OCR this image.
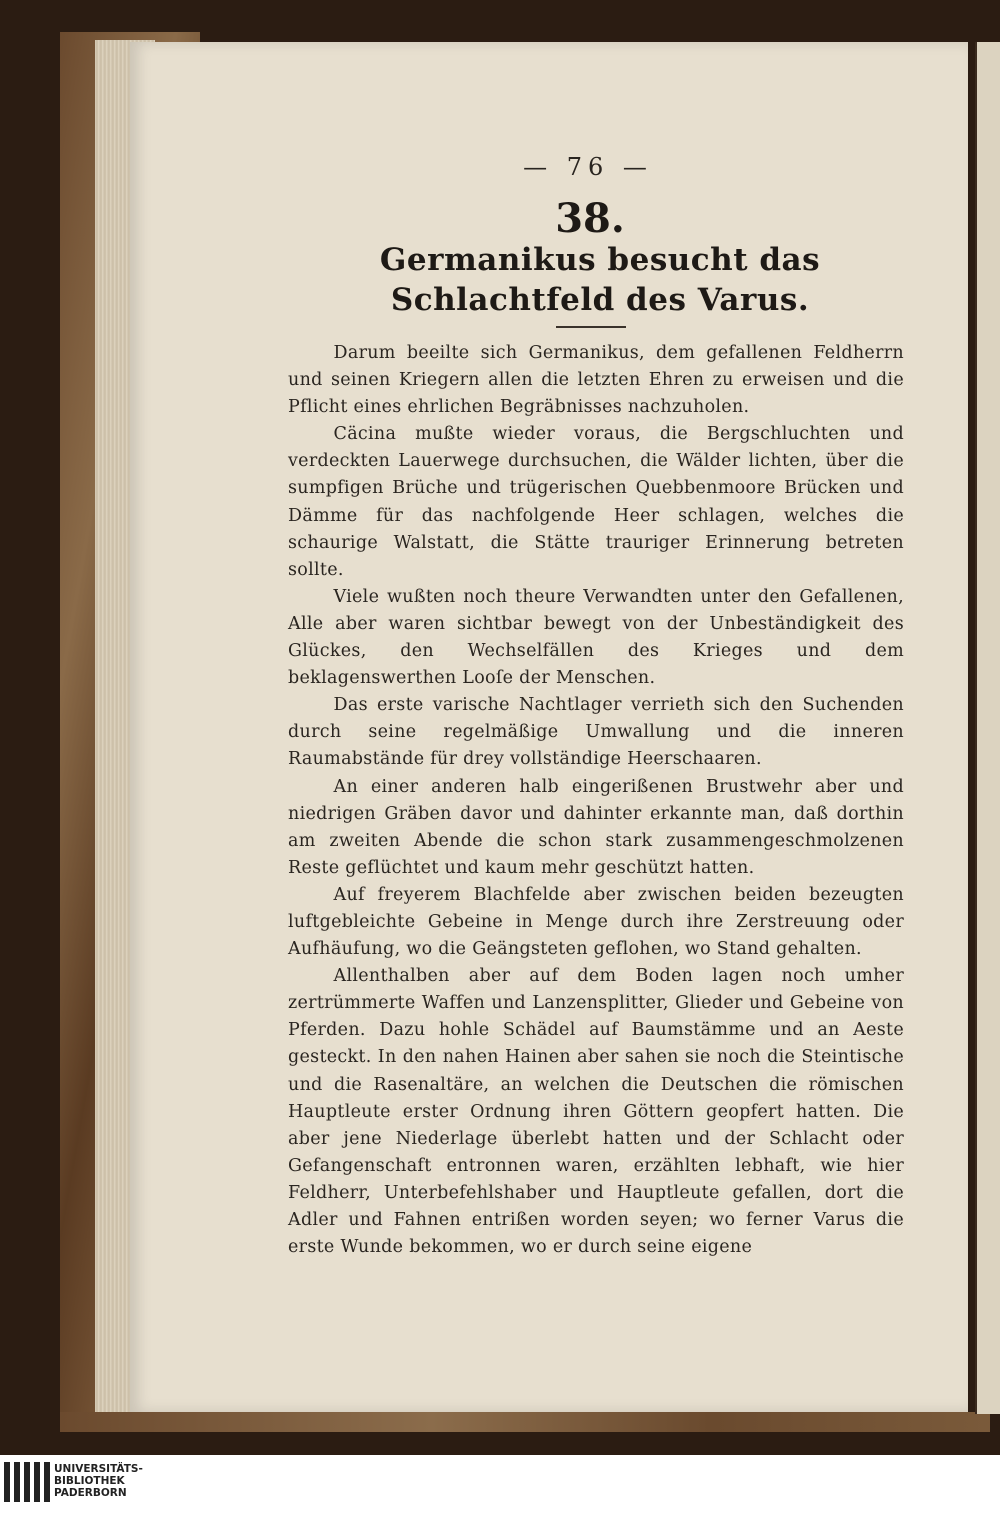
— 76 —
38.
Germanikus besucht das Schlachtfeld des Varus.

Darum beeilte sich Germanikus, dem gefallenen Feldherrn und seinen Kriegern allen die letzten Ehren zu erweisen und die Pflicht eines ehrlichen Begräbnisses nachzuholen.

Cäcina mußte wieder voraus, die Bergschluchten und verdeckten Lauerwege durchsuchen, die Wälder lichten, über die sumpfigen Brüche und trügerischen Quebbenmoore Brücken und Dämme für das nachfolgende Heer schlagen, welches die schaurige Walstatt, die Stätte trauriger Erinnerung betreten sollte.

Viele wußten noch theure Verwandten unter den Gefallenen, Alle aber waren sichtbar bewegt von der Unbeständigkeit des Glückes, den Wechselfällen des Krieges und dem beklagenswerthen Looſe der Menschen.

Das erste varische Nachtlager verrieth sich den Suchenden durch seine regelmäßige Umwallung und die inneren Raumabstände für drey vollständige Heerschaaren.

An einer anderen halb eingerißenen Brustwehr aber und niedrigen Gräben davor und dahinter erkannte man, daß dorthin am zweiten Abende die schon stark zusammengeschmolzenen Reste geflüchtet und kaum mehr geschützt hatten.

Auf freyerem Blachfelde aber zwischen beiden bezeugten luftgebleichte Gebeine in Menge durch ihre Zerstreuung oder Aufhäufung, wo die Geängsteten geflohen, wo Stand gehalten.

Allenthalben aber auf dem Boden lagen noch umher zertrümmerte Waffen und Lanzensplitter, Glieder und Gebeine von Pferden. Dazu hohle Schädel auf Baumstämme und an Aeste gesteckt. In den nahen Hainen aber sahen sie noch die Steintische und die Rasenaltäre, an welchen die Deutschen die römischen Hauptleute erster Ordnung ihren Göttern geopfert hatten. Die aber jene Niederlage überlebt hatten und der Schlacht oder Gefangenschaft entronnen waren, erzählten lebhaft, wie hier Feldherr, Unterbefehlshaber und Hauptleute gefallen, dort die Adler und Fahnen entrißen worden seyen; wo ferner Varus die erste Wunde bekommen, wo er durch seine eigene

UNIVERSITÄTS-
BIBLIOTHEK
PADERBORN
